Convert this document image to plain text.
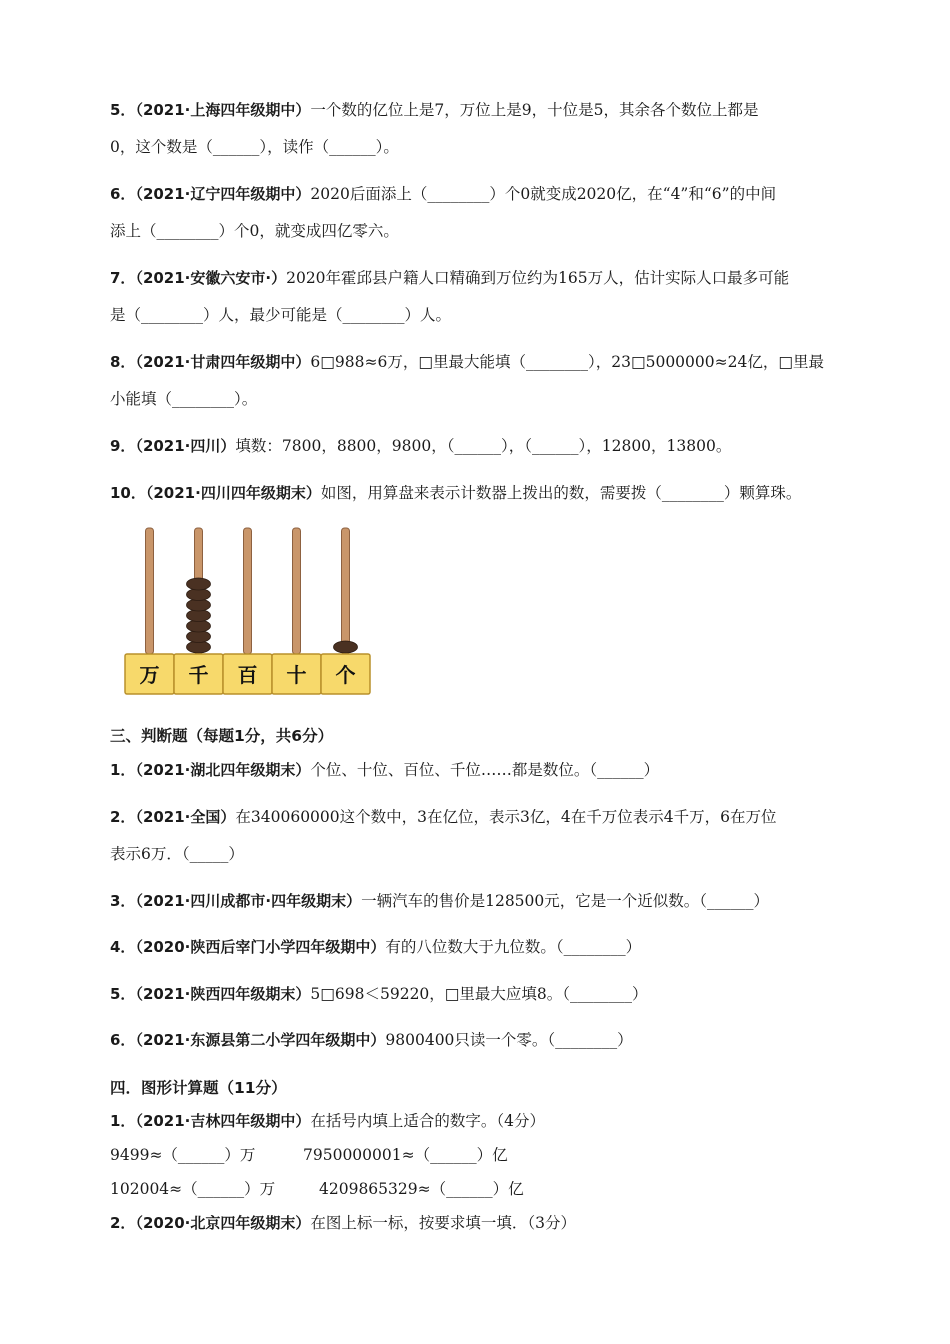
5．（2021·上海四年级期中）一个数的亿位上是7，万位上是9，十位是5，其余各个数位上都是
0，这个数是（______），读作（______）。
6．（2021·辽宁四年级期中）2020后面添上（________）个0就变成2020亿，在“4”和“6”的中间
添上（________）个0，就变成四亿零六。
7．（2021·安徽六安市·）2020年霍邱县户籍人口精确到万位约为165万人，估计实际人口最多可能
是（________）人，最少可能是（________）人。
8．（2021·甘肃四年级期中）6□988≈6万，□里最大能填（________），23□5000000≈24亿，□里最
小能填（________）。
9．（2021·四川）填数：7800，8800，9800，（______），（______），12800，13800。
10．（2021·四川四年级期末）如图，用算盘来表示计数器上拨出的数，需要拨（________）颗算珠。
万 千 百 十 个
三、判断题（每题1分，共6分）
1．（2021·湖北四年级期末）个位、十位、百位、千位……都是数位。（______）
2．（2021·全国）在340060000这个数中，3在亿位，表示3亿，4在千万位表示4千万，6在万位
表示6万．（_____）
3．（2021·四川成都市·四年级期末）一辆汽车的售价是128500元，它是一个近似数。（______）
4．（2020·陕西后宰门小学四年级期中）有的八位数大于九位数。（________）
5．（2021·陕西四年级期末）5□698＜59220，□里最大应填8。（________）
6．（2021·东源县第二小学四年级期中）9800400只读一个零。（________）
四．图形计算题（11分）
1．（2021·吉林四年级期中）在括号内填上适合的数字。（4分）
9499≈（______）万	7950000001≈（______）亿
102004≈（______）万	4209865329≈（______）亿
2．（2020·北京四年级期末）在图上标一标，按要求填一填．（3分）
